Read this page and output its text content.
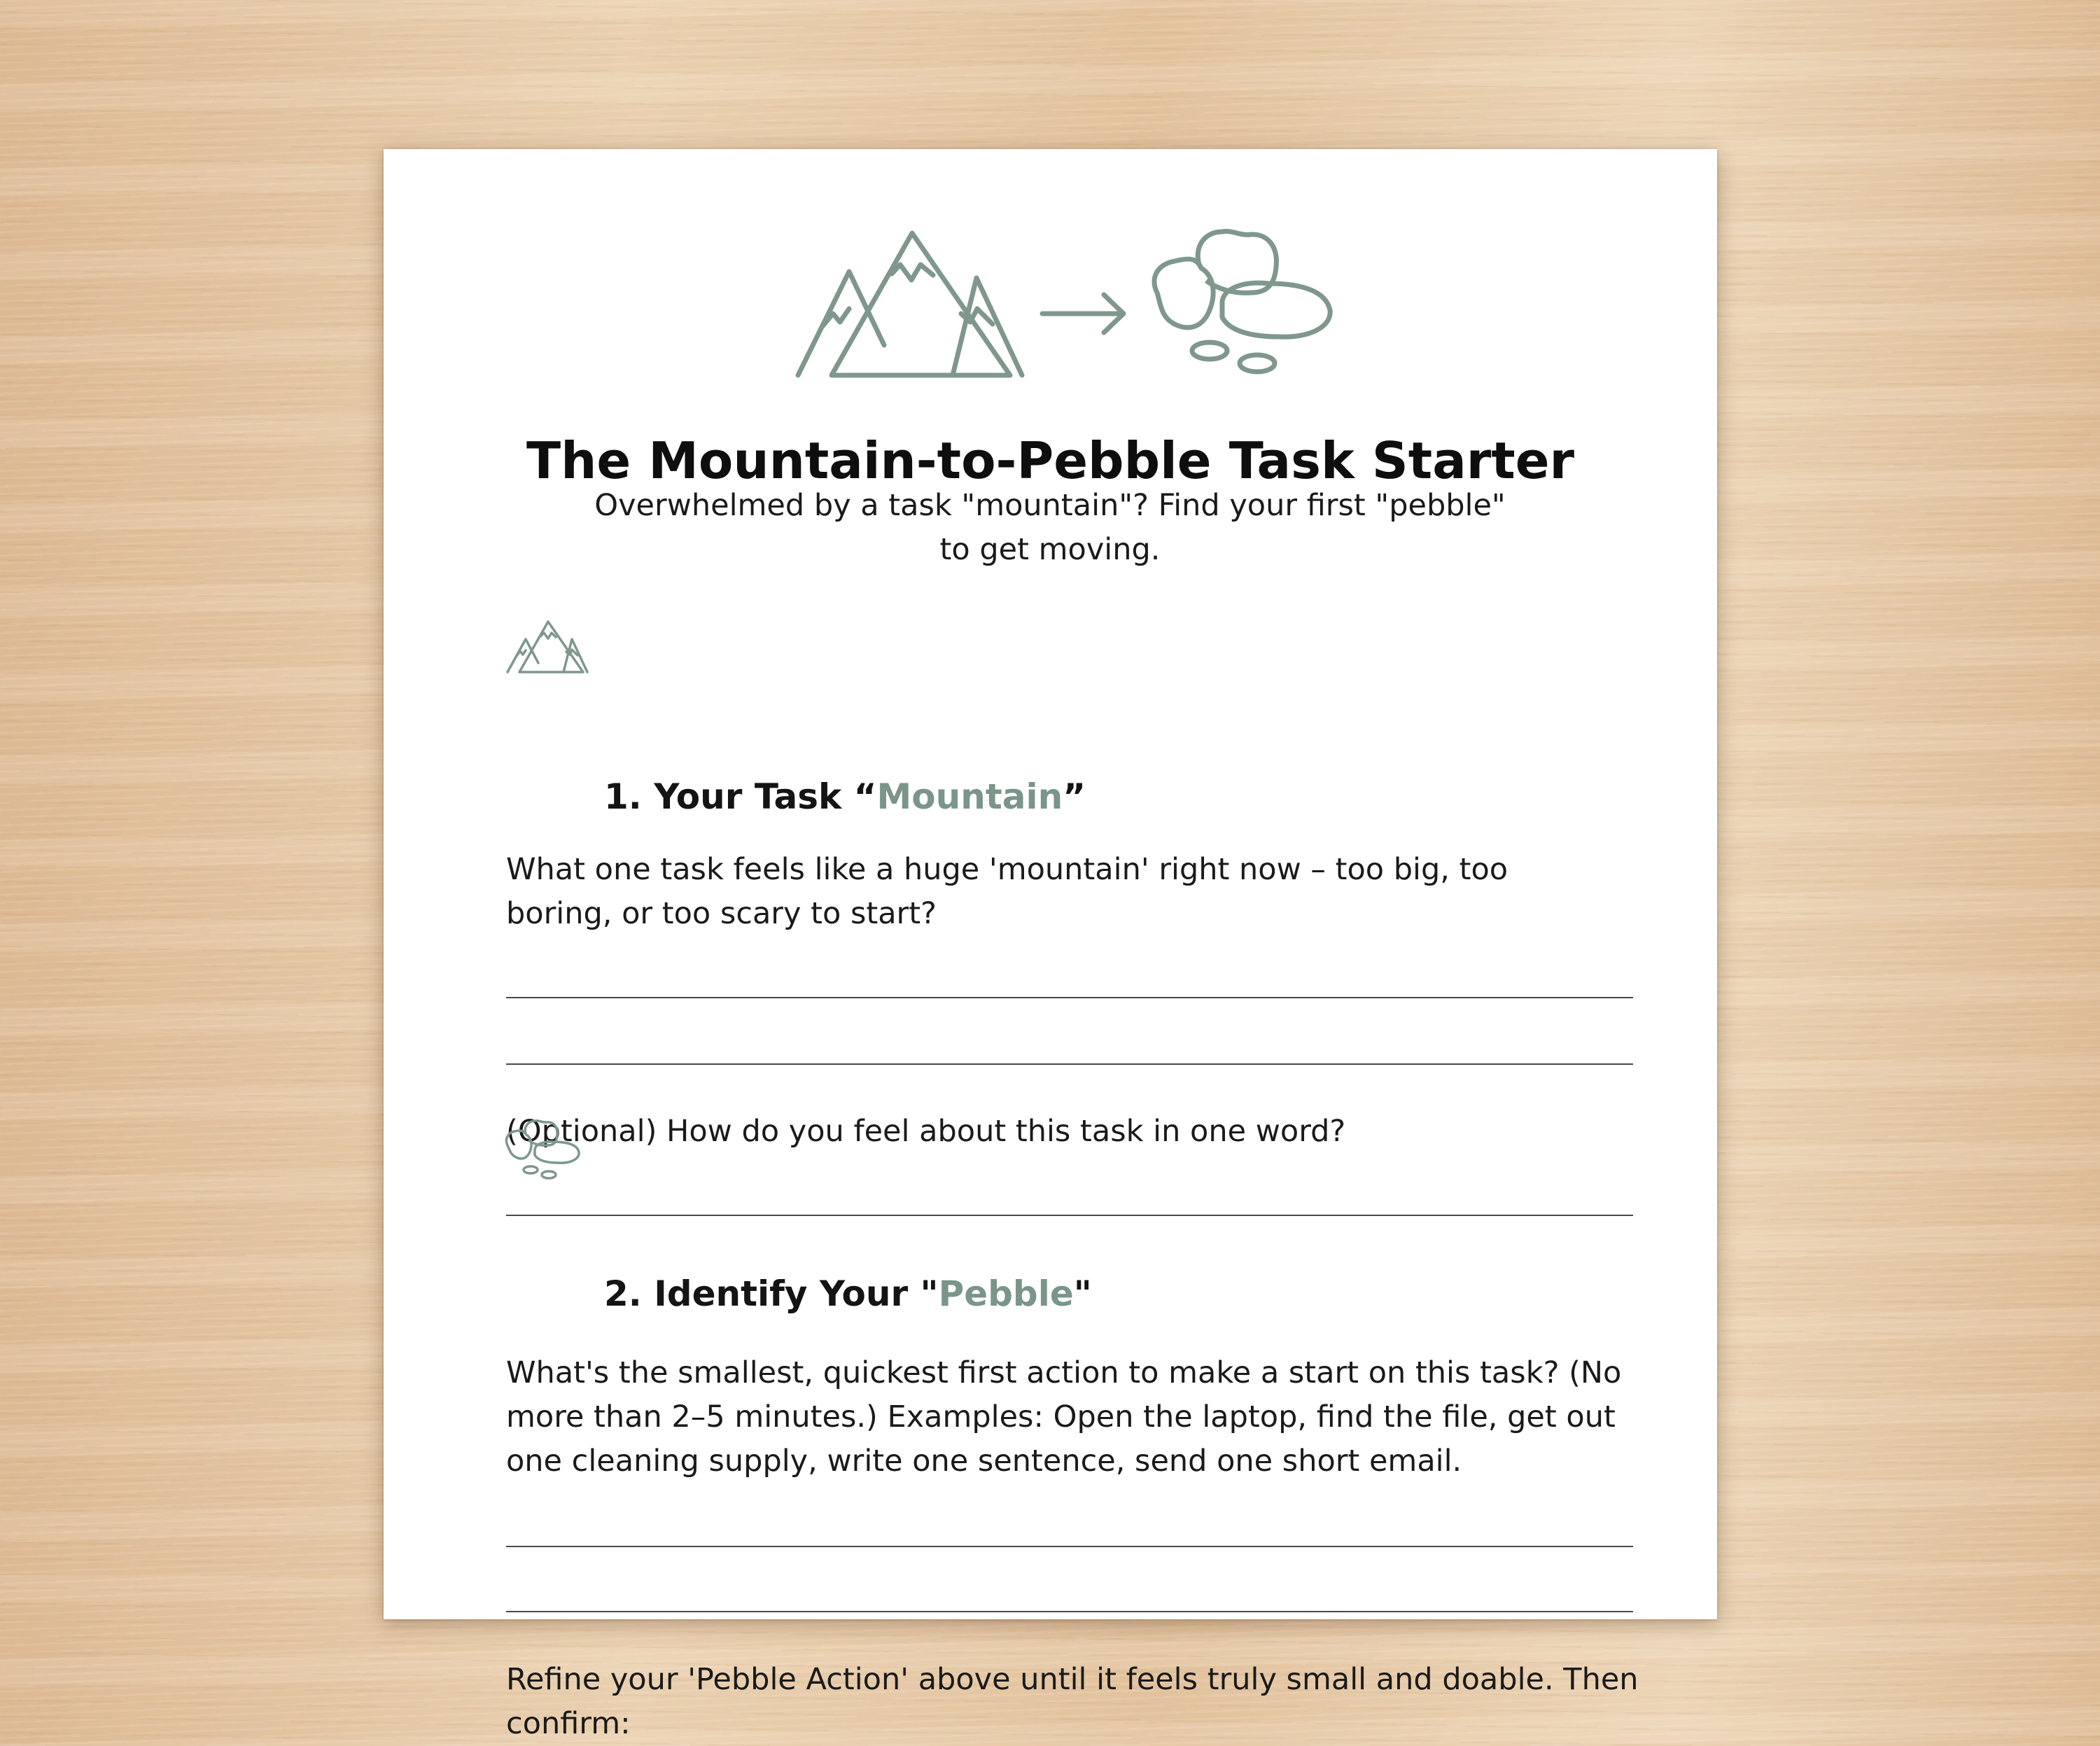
The Mountain-to-Pebble Task Starter
Overwhelmed by a task "mountain"? Find your first "pebble"
to get moving.
1. Your Task “Mountain”
What one task feels like a huge 'mountain' right now – too big, too boring, or too scary to start?
(Optional) How do you feel about this task in one word?
2. Identify Your "Pebble"
What's the smallest, quickest first action to make a start on this task? (No more than 2–5 minutes.) Examples: Open the laptop, find the file, get out one cleaning supply, write one sentence, send one short email.
Refine your 'Pebble Action' above until it feels truly small and doable. Then confirm:
